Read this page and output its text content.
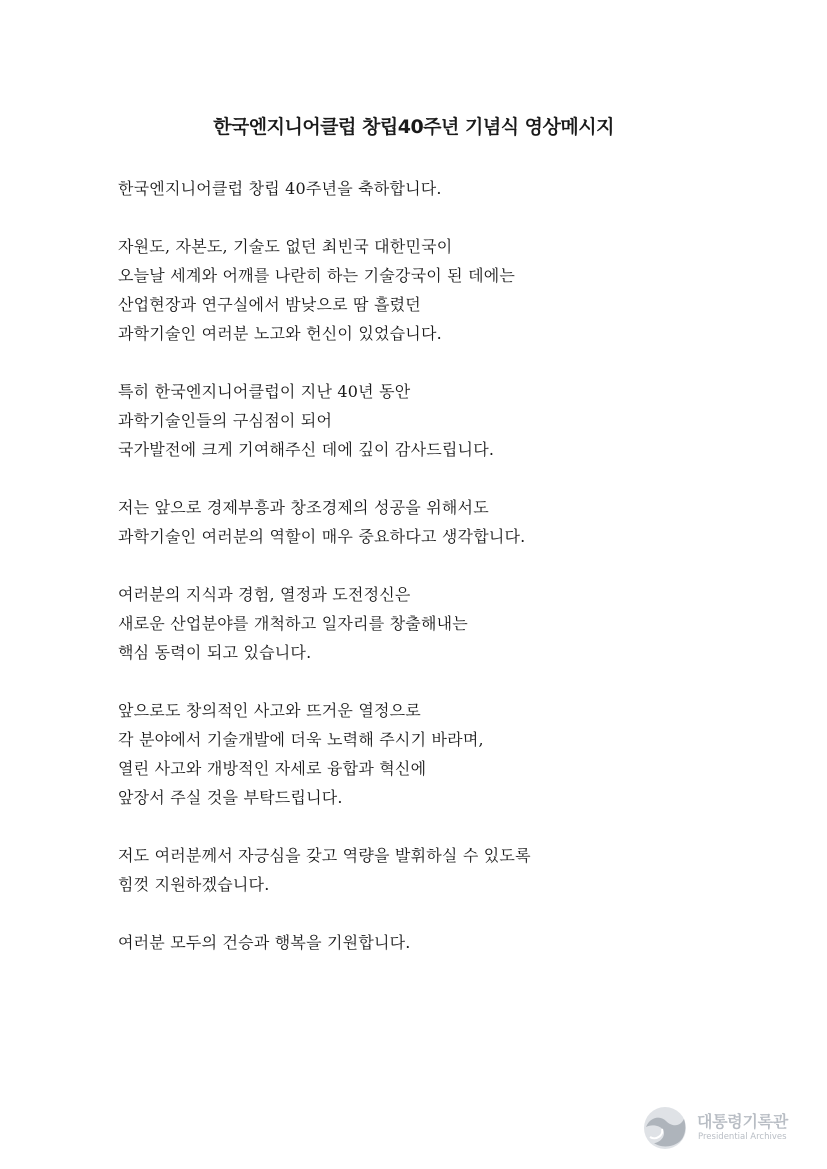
한국엔지니어클럽 창립40주년 기념식 영상메시지
한국엔지니어클럽 창립 40주년을 축하합니다.
자원도, 자본도, 기술도 없던 최빈국 대한민국이
오늘날 세계와 어깨를 나란히 하는 기술강국이 된 데에는
산업현장과 연구실에서 밤낮으로 땀 흘렸던
과학기술인 여러분 노고와 헌신이 있었습니다.
특히 한국엔지니어클럽이 지난 40년 동안
과학기술인들의 구심점이 되어
국가발전에 크게 기여해주신 데에 깊이 감사드립니다.
저는 앞으로 경제부흥과 창조경제의 성공을 위해서도
과학기술인 여러분의 역할이 매우 중요하다고 생각합니다.
여러분의 지식과 경험, 열정과 도전정신은
새로운 산업분야를 개척하고 일자리를 창출해내는
핵심 동력이 되고 있습니다.
앞으로도 창의적인 사고와 뜨거운 열정으로
각 분야에서 기술개발에 더욱 노력해 주시기 바라며,
열린 사고와 개방적인 자세로 융합과 혁신에
앞장서 주실 것을 부탁드립니다.
저도 여러분께서 자긍심을 갖고 역량을 발휘하실 수 있도록
힘껏 지원하겠습니다.
여러분 모두의 건승과 행복을 기원합니다.
대통령기록관
Presidential Archives
